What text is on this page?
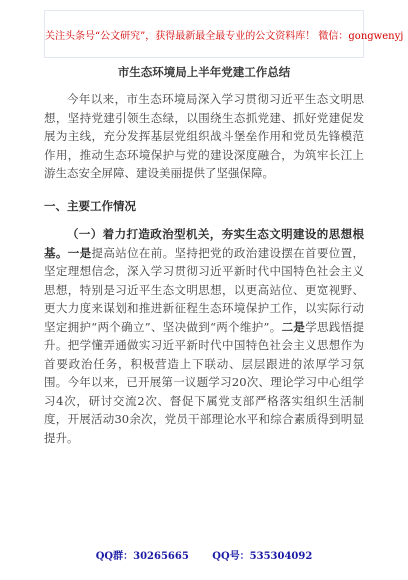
关注头条号“公文研究”，获得最新最全最专业的公文资料库！ 微信：gongwenyj
市生态环境局上半年党建工作总结

今年以来，市生态环境局深入学习贯彻习近平生态文明思想，坚持党建引领生态绿，以围绕生态抓党建、抓好党建促发展为主线，充分发挥基层党组织战斗堡垒作用和党员先锋模范作用，推动生态环境保护与党的建设深度融合，为筑牢长江上游生态安全屏障、建设美丽提供了坚强保障。

一、主要工作情况

（一）着力打造政治型机关，夯实生态文明建设的思想根基。一是提高站位在前。坚持把党的政治建设摆在首要位置，坚定理想信念，深入学习贯彻习近平新时代中国特色社会主义思想，特别是习近平生态文明思想，以更高站位、更宽视野、更大力度来谋划和推进新征程生态环境保护工作，以实际行动坚定拥护“两个确立”、坚决做到“两个维护”。二是学思践悟提升。把学懂弄通做实习近平新时代中国特色社会主义思想作为首要政治任务，积极营造上下联动、层层跟进的浓厚学习氛围。今年以来，已开展第一议题学习20次、理论学习中心组学习4次，研讨交流2次、督促下属党支部严格落实组织生活制度，开展活动30余次，党员干部理论水平和综合素质得到明显提升。

QQ群：30265665 QQ号：535304092
